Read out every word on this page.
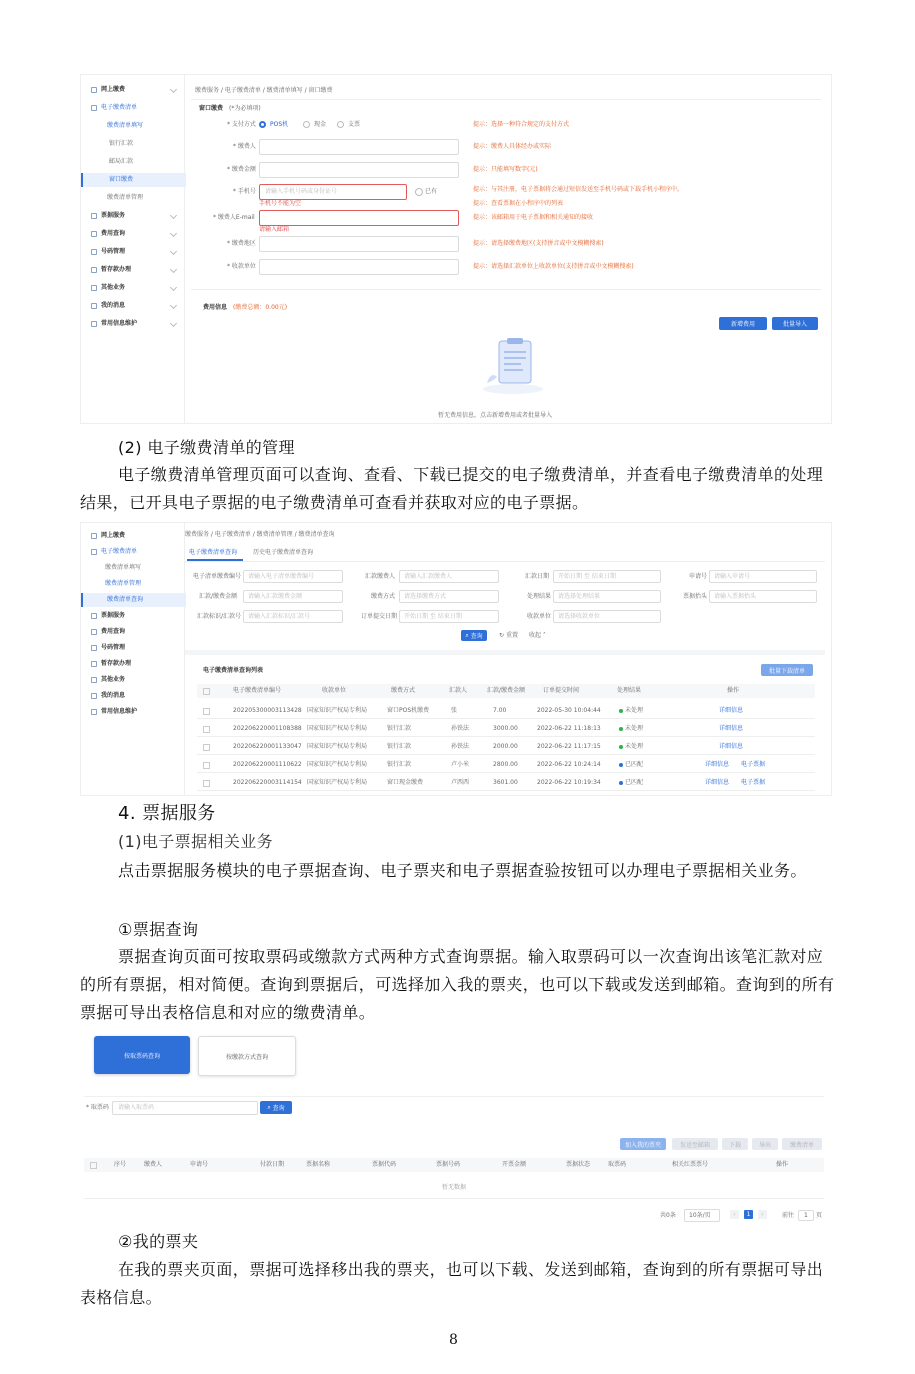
网上缴费
电子缴费清单
缴费清单填写
银行汇款
邮局汇款
窗口缴费
缴费清单管理
票据服务
费用查询
号码管理
暂存款办理
其他业务
我的消息
常用信息维护
缴费服务 / 电子缴费清单 / 缴费清单填写 / 窗口缴费
窗口缴费 (*为必填项)
* 支付方式 POS机	现金	支票	提示：选择一种符合规定的支付方式
* 缴费人	提示：缴费人具体经办或实际
* 缴费金额	提示：只能填写数字(元)
* 手机号 请输入手机号码或身份证号	已有
手机号不能为空
提示：与其注册，电子票据将会通过短信发送至手机号码或下载手机小程序中。
提示：查看票据在小程序中的列表
* 缴费人E-mail
请输入邮箱
提示：该邮箱用于电子票据和相关通知的接收
* 缴费地区	提示：请选择缴费地区(支持拼音或中文模糊搜索)
* 收款单位	提示：请选择汇款单位上收款单位(支持拼音或中文模糊搜索)
费用信息 (缴费总额：0.00元)
新增费用	批量导入
暂无费用信息，点击新增费用或者批量导入
(2) 电子缴费清单的管理
电子缴费清单管理页面可以查询、查看、下载已提交的电子缴费清单，并查看电子缴费清单的处理结果，已开具电子票据的电子缴费清单可查看并获取对应的电子票据。
网上缴费
电子缴费清单
缴费清单填写
缴费清单管理
缴费清单查询
票据服务
费用查询
号码管理
暂存款办理
其他业务
我的消息
常用信息维护
缴费服务 / 电子缴费清单 / 缴费清单管理 / 缴费清单查询
电子缴费清单查询	历史电子缴费清单查询
电子清单缴费编号 请输入电子清单缴费编号	汇款缴费人 请输入汇款缴费人	汇款日期 开始日期 至 结束日期	申请号 请输入申请号
汇款/缴费金额 请输入汇款缴费金额	缴费方式 请选择缴费方式	处理结果 请选择处理结果	票据抬头 请输入票据抬头
汇款标识/汇款号 请输入汇款标识/汇款号	订单提交日期 开始日期 至 结束日期	收款单位 请选择收款单位
⌕
查询	↻ 重置 收起 ˄
电子缴费清单查询列表	批量下载清单
电子缴费清单编号	收款单位	缴费方式	汇款人	汇款/缴费金额	订单提交时间	处理结果	操作
202205300003113428 国家知识产权局专利局	窗口POS机缴费	张	7.00	2022-05-30 10:04:44	未处理	详细信息
202206220001108388 国家知识产权局专利局	银行汇款	孙铁法	3000.00	2022-06-22 11:18:13	未处理	详细信息
202206220001133047 国家知识产权局专利局	银行汇款	孙铁法	2000.00	2022-06-22 11:17:15	未处理	详细信息
202206220001110622 国家知识产权局专利局	银行汇款	卢小米	2800.00	2022-06-22 10:24:14	已匹配	详细信息 电子票据
202206220003114154 国家知识产权局专利局	窗口现金缴费	卢西西	3601.00	2022-06-22 10:19:34	已匹配	详细信息 电子票据
4. 票据服务
(1)电子票据相关业务
点击票据服务模块的电子票据查询、电子票夹和电子票据查验按钮可以办理电子票据相关业务。
①票据查询
票据查询页面可按取票码或缴款方式两种方式查询票据。输入取票码可以一次查询出该笔汇款对应的所有票据，相对简便。查询到票据后，可选择加入我的票夹，也可以下载或发送到邮箱。查询到的所有票据可导出表格信息和对应的缴费清单。
按取票码查询	按缴款方式查询
* 取票码 请输入取票码	⌕
查询
加入我的票夹	发送至邮箱	下载	导出	缴费清单
序号	缴费人	申请号	付款日期	票据名称	票据代码	票据号码	开票金额	票据状态	取票码	相关红票票号	操作
暂无数据
共0条 10条/页	‹	1	›	前往 1 页
②我的票夹
在我的票夹页面，票据可选择移出我的票夹，也可以下载、发送到邮箱，查询到的所有票据可导出表格信息。
8
